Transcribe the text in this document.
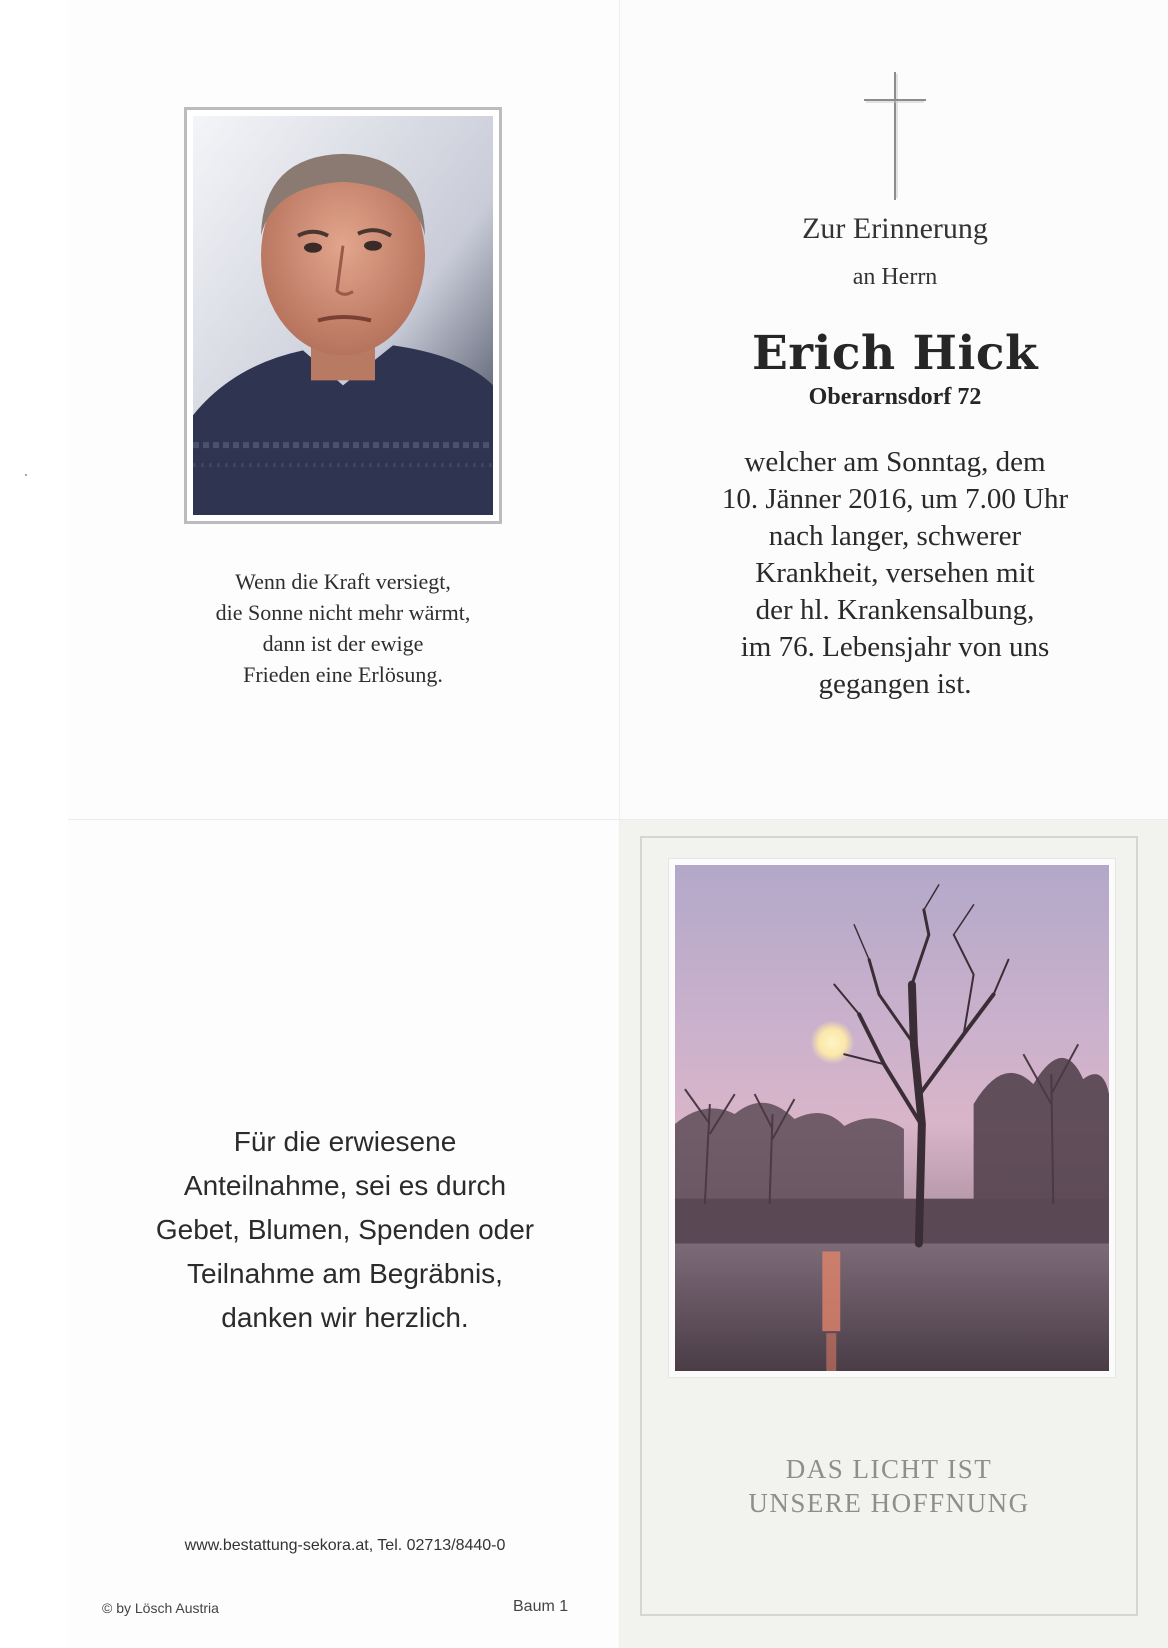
Wenn die Kraft versiegt,
die Sonne nicht mehr wärmt,
dann ist der ewige
Frieden eine Erlösung.
Zur Erinnerung
an Herrn
Erich Hick
Oberarnsdorf 72
welcher am Sonntag, dem
10. Jänner 2016, um 7.00 Uhr
nach langer, schwerer
Krankheit, versehen mit
der hl. Krankensalbung,
im 76. Lebensjahr von uns
gegangen ist.
Für die erwiesene
Anteilnahme, sei es durch
Gebet, Blumen, Spenden oder
Teilnahme am Begräbnis,
danken wir herzlich.
www.bestattung-sekora.at, Tel. 02713/8440-0
© by Lösch Austria	Baum 1
DAS LICHT IST
UNSERE HOFFNUNG
